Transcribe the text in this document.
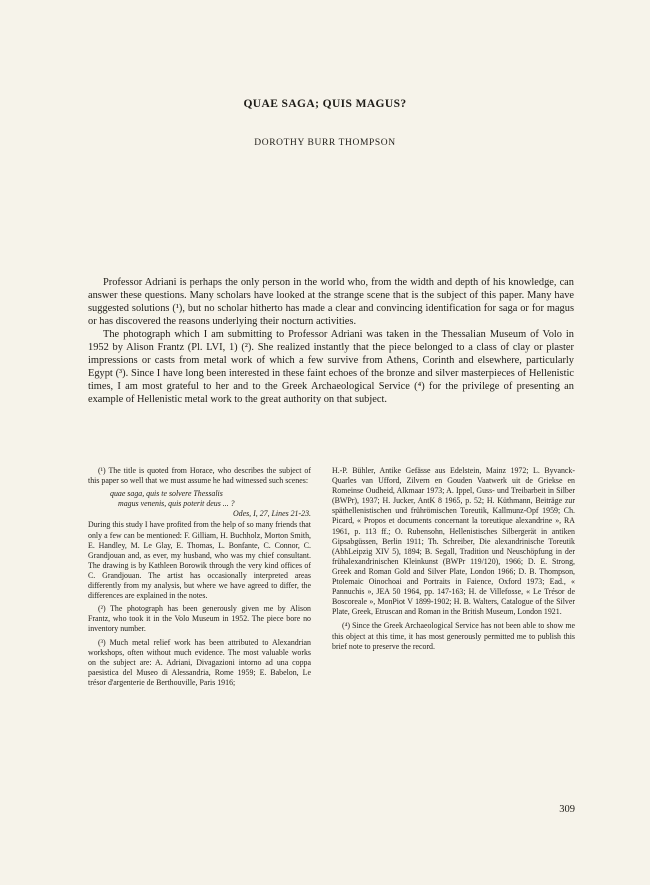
QUAE SAGA; QUIS MAGUS?
DOROTHY BURR THOMPSON

Professor Adriani is perhaps the only person in the world who, from the width and depth of his knowledge, can answer these questions. Many scholars have looked at the strange scene that is the subject of this paper. Many have suggested solutions (¹), but no scholar hitherto has made a clear and convincing identification for saga or for magus or has discovered the reasons underlying their nocturn activities.

The photograph which I am submitting to Professor Adriani was taken in the Thessalian Museum of Volo in 1952 by Alison Frantz (Pl. LVI, 1) (²). She realized instantly that the piece belonged to a class of clay or plaster impressions or casts from metal work of which a few survive from Athens, Corinth and elsewhere, particularly Egypt (³). Since I have long been interested in these faint echoes of the bronze and silver masterpieces of Hellenistic times, I am most grateful to her and to the Greek Archaeological Service (⁴) for the privilege of presenting an example of Hellenistic metal work to the great authority on that subject.

(¹) The title is quoted from Horace, who describes the subject of this paper so well that we must assume he had witnessed such scenes:

quae saga, quis te solvere Thessalis

magus venenis, quis poterit deus ... ?

Odes, I, 27, Lines 21-23.

During this study I have profited from the help of so many friends that only a few can be mentioned: F. Gilliam, H. Buchholz, Morton Smith, E. Handley, M. Le Glay, E. Thomas, L. Bonfante, C. Connor, C. Grandjouan and, as ever, my husband, who was my chief consultant. The drawing is by Kathleen Borowik through the very kind offices of C. Grandjouan. The artist has occasionally interpreted areas differently from my analysis, but where we have agreed to differ, the differences are explained in the notes.

(²) The photograph has been generously given me by Alison Frantz, who took it in the Volo Museum in 1952. The piece bore no inventory number.

(³) Much metal relief work has been attributed to Alexandrian workshops, often without much evidence. The most valuable works on the subject are: A. Adriani, Divagazioni intorno ad una coppa paesistica del Museo di Alessandria, Rome 1959; E. Babelon, Le trésor d'argenterie de Berthouville, Paris 1916;

H.-P. Bühler, Antike Gefässe aus Edelstein, Mainz 1972; L. Byvanck-Quarles van Ufford, Zilvern en Gouden Vaatwerk uit de Griekse en Romeinse Oudheid, Alkmaar 1973; A. Ippel, Guss- und Treibarbeit in Silber (BWPr), 1937; H. Jucker, AntK 8 1965, p. 52; H. Küthmann, Beiträge zur späthellenistischen und frührömischen Toreutik, Kallmunz-Opf 1959; Ch. Picard, « Propos et documents concernant la toreutique alexandrine », RA 1961, p. 113 ff.; O. Rubensohn, Hellenistisches Silbergerät in antiken Gipsabgüssen, Berlin 1911; Th. Schreiber, Die alexandrinische Toreutik (AbhLeipzig XIV 5), 1894; B. Segall, Tradition und Neuschöpfung in der frühalexandrinischen Kleinkunst (BWPr 119/120), 1966; D. E. Strong, Greek and Roman Gold and Silver Plate, London 1966; D. B. Thompson, Ptolemaic Oinochoai and Portraits in Faience, Oxford 1973; Ead., « Pannuchis », JEA 50 1964, pp. 147-163; H. de Villefosse, « Le Trésor de Boscoreale », MonPiot V 1899-1902; H. B. Walters, Catalogue of the Silver Plate, Greek, Etruscan and Roman in the British Museum, London 1921.

(⁴) Since the Greek Archaeological Service has not been able to show me this object at this time, it has most generously permitted me to publish this brief note to preserve the record.

309
